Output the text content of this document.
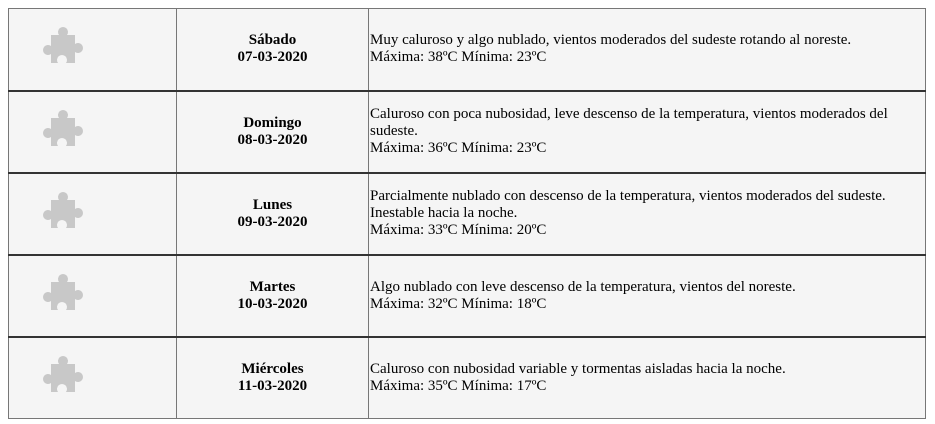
Sábado
07-03-2020	Muy caluroso y algo nublado, vientos moderados del sudeste rotando al noreste.
Máxima: 38ºC Mínima: 23ºC

Domingo
08-03-2020	Caluroso con poca nubosidad, leve descenso de la temperatura, vientos moderados del sudeste.
Máxima: 36ºC Mínima: 23ºC

Lunes
09-03-2020	Parcialmente nublado con descenso de la temperatura, vientos moderados del sudeste. Inestable hacia la noche.
Máxima: 33ºC Mínima: 20ºC

Martes
10-03-2020	Algo nublado con leve descenso de la temperatura, vientos del noreste.
Máxima: 32ºC Mínima: 18ºC

Miércoles
11-03-2020	Caluroso con nubosidad variable y tormentas aisladas hacia la noche.
Máxima: 35ºC Mínima: 17ºC
